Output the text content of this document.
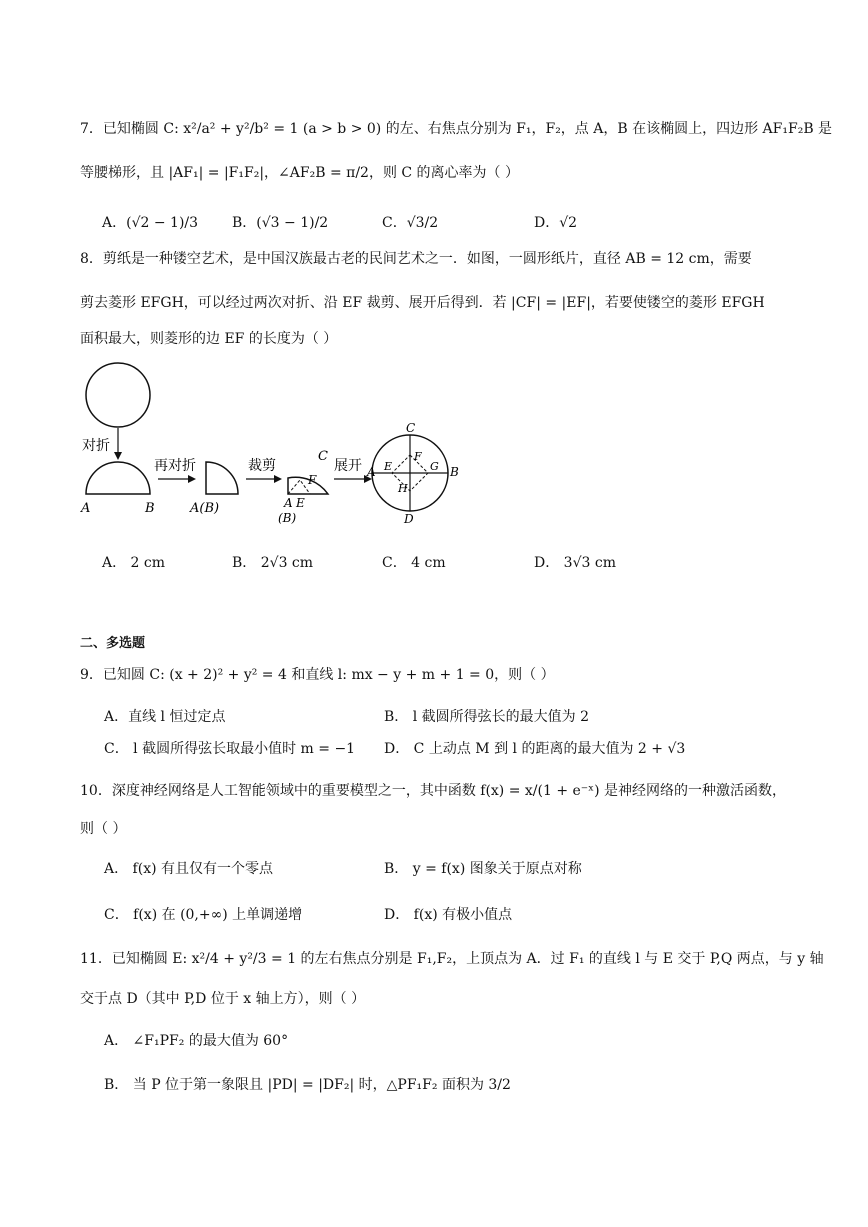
7．已知椭圆 C: x²/a² + y²/b² = 1 (a > b > 0) 的左、右焦点分别为 F₁，F₂，点 A，B 在该椭圆上，四边形 AF₁F₂B 是
等腰梯形，且 |AF₁| = |F₁F₂|，∠AF₂B = π/2，则 C 的离心率为（ ）
A．(√2 − 1)/3 B．(√3 − 1)/2	C．√3/2	D．√2
8．剪纸是一种镂空艺术，是中国汉族最古老的民间艺术之一．如图，一圆形纸片，直径 AB = 12 cm，需要
剪去菱形 EFGH，可以经过两次对折、沿 EF 裁剪、展开后得到．若 |CF| = |EF|，若要使镂空的菱形 EFGH
面积最大，则菱形的边 EF 的长度为（ ）
对折
A	B
再对折
A(B)
裁剪
C
F
A E
(B)
展开
C
F
E	G B
A
H
D
A． 2 cm	B． 2√3 cm	C． 4 cm	D． 3√3 cm
二、多选题
9．已知圆 C: (x + 2)² + y² = 4 和直线 l: mx − y + m + 1 = 0，则（ ）
A．直线 l 恒过定点	B． l 截圆所得弦长的最大值为 2
C． l 截圆所得弦长取最小值时 m = −1 D． C 上动点 M 到 l 的距离的最大值为 2 + √3
10．深度神经网络是人工智能领域中的重要模型之一，其中函数 f(x) = x/(1 + e⁻ˣ) 是神经网络的一种激活函数，
则（ ）
A． f(x) 有且仅有一个零点	B． y = f(x) 图象关于原点对称
C． f(x) 在 (0,+∞) 上单调递增	D． f(x) 有极小值点
11．已知椭圆 E: x²/4 + y²/3 = 1 的左右焦点分别是 F₁,F₂，上顶点为 A．过 F₁ 的直线 l 与 E 交于 P,Q 两点，与 y 轴
交于点 D（其中 P,D 位于 x 轴上方），则（ ）
A． ∠F₁PF₂ 的最大值为 60°
B． 当 P 位于第一象限且 |PD| = |DF₂| 时，△PF₁F₂ 面积为 3/2
